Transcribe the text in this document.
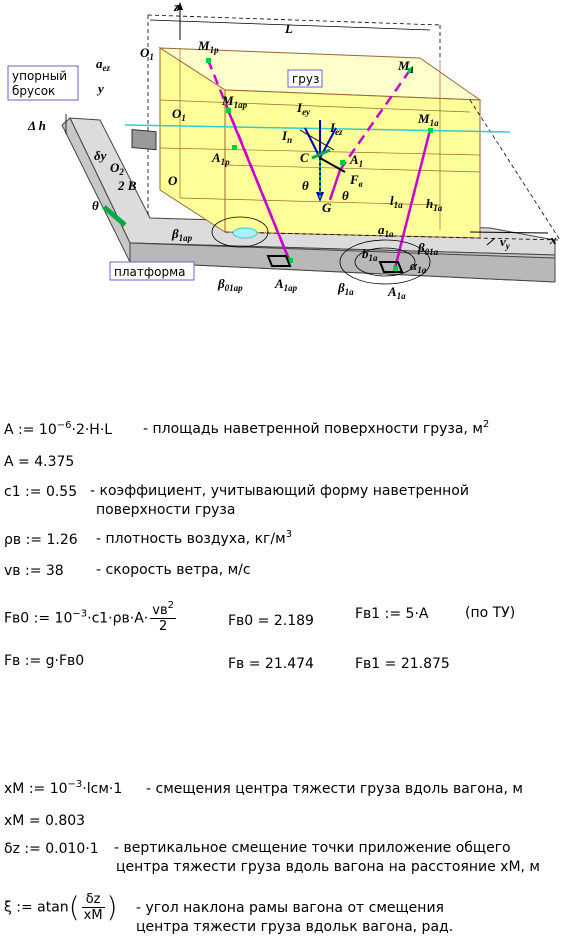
z
L
$O_1$
$M_{1p}$
$M_1$
$a_{ez}$
y
груз
упорный брусок
Δ h
$O_1$
$M_{1ap}$
$M_{1a}$
$I_{ey}$
$I_{ez}$
$I_n$
δy
$O_2$
$A_{1p}$	C	$A_1$
$F_в$
O
2 B
θ
θ
θ
G	$l_{1a}$ $h_{1a}$
$a_{1a}$
$\beta_{1ap}$
$\beta_{01a}$
$v_y$
$b_{1a}$	$\alpha_{1a}$
x
платформа
$\beta_{01ap}$ $A_{1ap}$	$\beta_{1a}$	$A_{1a}$
A := $10^{-6}\cdot 2\cdot H\cdot L$ - площадь наветренной поверхности груза, $м^2$
A = 4.375
c1 := 0.55 - коэффициент, учитывающий форму наветренной
поверхности груза
ρв := 1.26 - плотность воздуха, $кг/м^3$
vв := 38 - скорость ветра, м/с
Fв0 := $10^{-3}\cdot c1\cdot\rho в\cdot A\cdot \frac{vв^2}{2}$	Fв0 = 2.189	Fв1 := 5·A	(по ТУ)
Fв := g·Fв0	Fв = 21.474	Fв1 = 21.875
xM := $10^{-3}\cdot lсм\cdot 1$ - смещения центра тяжести груза вдоль вагона, м
xM = 0.803
δz := 0.010·1 - вертикальное смещение точки приложение общего
центра тяжести груза вдоль вагона на расстояние xM, м
ξ := $atan( \frac{\delta z}{xM}$ ) - угол наклона рамы вагона от смещения
центра тяжести груза вдольк вагона, рад.
